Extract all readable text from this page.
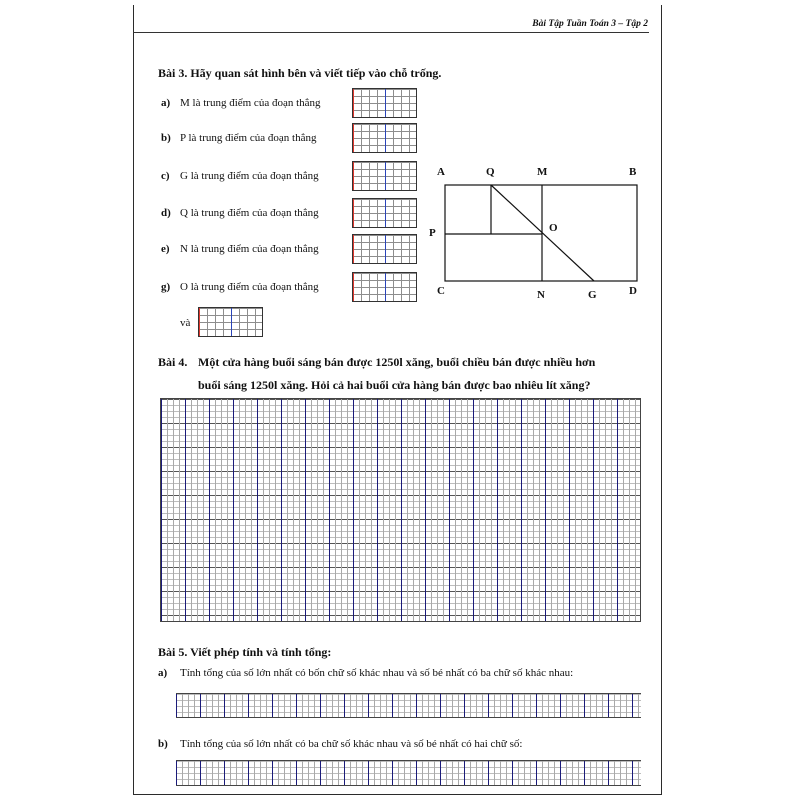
Bài Tập Tuần Toán 3 – Tập 2
Bài 3. Hãy quan sát hình bên và viết tiếp vào chỗ trống.
a) M là trung điểm của đoạn thẳng
b) P là trung điểm của đoạn thẳng
c) G là trung điểm của đoạn thẳng
d) Q là trung điểm của đoạn thẳng
e) N là trung điểm của đoạn thẳng
g) O là trung điểm của đoạn thẳng
và
A	Q	M	B
P	O
C	N	G	D
Bài 4. Một cửa hàng buổi sáng bán được 1250l xăng, buổi chiều bán được nhiều hơn
buổi sáng 1250l xăng. Hỏi cả hai buổi cửa hàng bán được bao nhiêu lít xăng?
Bài 5. Viết phép tính và tính tổng:
a) Tính tổng của số lớn nhất có bốn chữ số khác nhau và số bé nhất có ba chữ số khác nhau:
b) Tính tổng của số lớn nhất có ba chữ số khác nhau và số bé nhất có hai chữ số:
